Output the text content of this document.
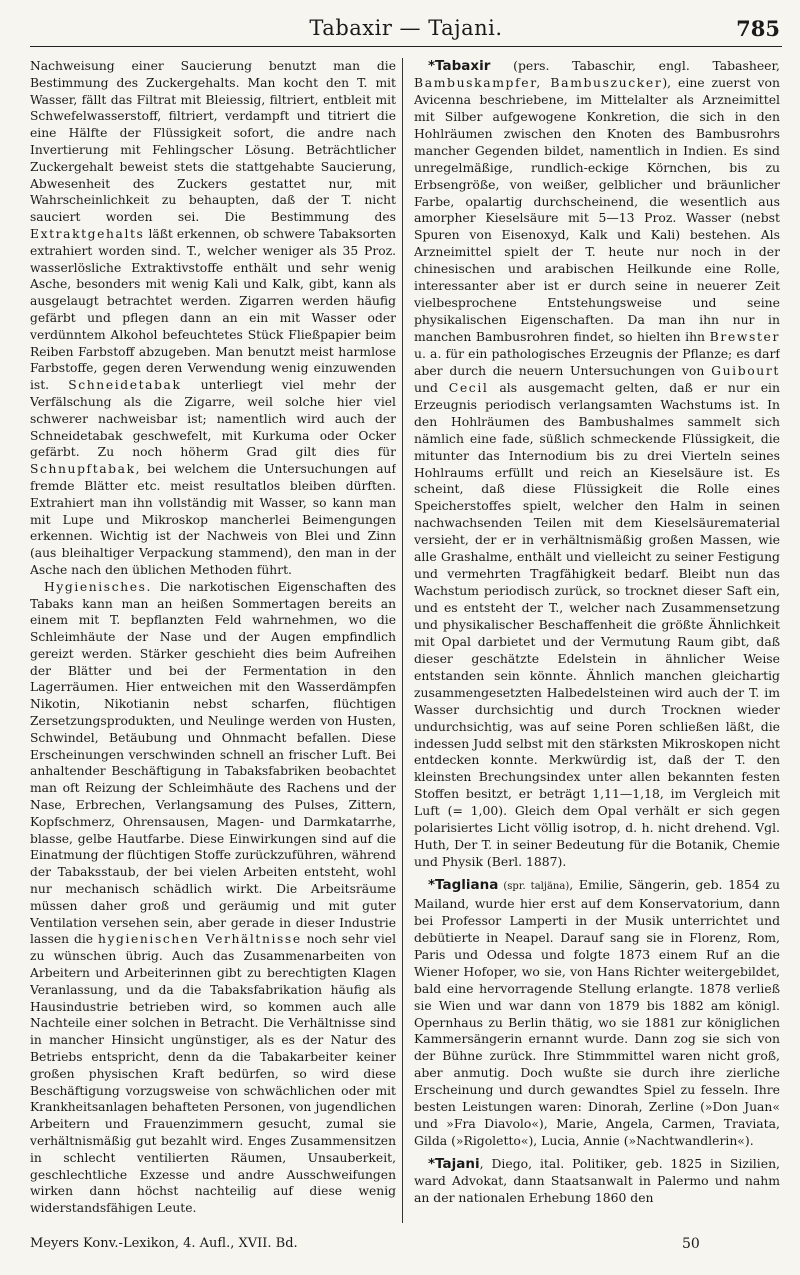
Tabaxir — Tajani.	785

Nachweisung einer Saucierung benutzt man die Bestimmung des Zuckergehalts. Man kocht den T. mit Wasser, fällt das Filtrat mit Bleiessig, filtriert, entbleit mit Schwefelwasserstoff, filtriert, verdampft und titriert die eine Hälfte der Flüssigkeit sofort, die andre nach Invertierung mit Fehlingscher Lösung. Beträchtlicher Zuckergehalt beweist stets die stattgehabte Saucierung, Abwesenheit des Zuckers gestattet nur, mit Wahrscheinlichkeit zu behaupten, daß der T. nicht sauciert worden sei. Die Bestimmung des Extraktgehalts läßt erkennen, ob schwere Tabaksorten extrahiert worden sind. T., welcher weniger als 35 Proz. wasserlösliche Extraktivstoffe enthält und sehr wenig Asche, besonders mit wenig Kali und Kalk, gibt, kann als ausgelaugt betrachtet werden. Zigarren werden häufig gefärbt und pflegen dann an ein mit Wasser oder verdünntem Alkohol befeuchtetes Stück Fließpapier beim Reiben Farbstoff abzugeben. Man benutzt meist harmlose Farbstoffe, gegen deren Verwendung wenig einzuwenden ist. Schneidetabak unterliegt viel mehr der Verfälschung als die Zigarre, weil solche hier viel schwerer nachweisbar ist; namentlich wird auch der Schneidetabak geschwefelt, mit Kurkuma oder Ocker gefärbt. Zu noch höherm Grad gilt dies für Schnupftabak, bei welchem die Untersuchungen auf fremde Blätter etc. meist resultatlos bleiben dürften. Extrahiert man ihn vollständig mit Wasser, so kann man mit Lupe und Mikroskop mancherlei Beimengungen erkennen. Wichtig ist der Nachweis von Blei und Zinn (aus bleihaltiger Verpackung stammend), den man in der Asche nach den üblichen Methoden führt.

Hygienisches. Die narkotischen Eigenschaften des Tabaks kann man an heißen Sommertagen bereits an einem mit T. bepflanzten Feld wahrnehmen, wo die Schleimhäute der Nase und der Augen empfindlich gereizt werden. Stärker geschieht dies beim Aufreihen der Blätter und bei der Fermentation in den Lagerräumen. Hier entweichen mit den Wasserdämpfen Nikotin, Nikotianin nebst scharfen, flüchtigen Zersetzungsprodukten, und Neulinge werden von Husten, Schwindel, Betäubung und Ohnmacht befallen. Diese Erscheinungen verschwinden schnell an frischer Luft. Bei anhaltender Beschäftigung in Tabaksfabriken beobachtet man oft Reizung der Schleimhäute des Rachens und der Nase, Erbrechen, Verlangsamung des Pulses, Zittern, Kopfschmerz, Ohrensausen, Magen- und Darmkatarrhe, blasse, gelbe Hautfarbe. Diese Einwirkungen sind auf die Einatmung der flüchtigen Stoffe zurückzuführen, während der Tabaksstaub, der bei vielen Arbeiten entsteht, wohl nur mechanisch schädlich wirkt. Die Arbeitsräume müssen daher groß und geräumig und mit guter Ventilation versehen sein, aber gerade in dieser Industrie lassen die hygienischen Verhältnisse noch sehr viel zu wünschen übrig. Auch das Zusammenarbeiten von Arbeitern und Arbeiterinnen gibt zu berechtigten Klagen Veranlassung, und da die Tabaksfabrikation häufig als Hausindustrie betrieben wird, so kommen auch alle Nachteile einer solchen in Betracht. Die Verhältnisse sind in mancher Hinsicht ungünstiger, als es der Natur des Betriebs entspricht, denn da die Tabakarbeiter keiner großen physischen Kraft bedürfen, so wird diese Beschäftigung vorzugsweise von schwächlichen oder mit Krankheitsanlagen behafteten Personen, von jugendlichen Arbeitern und Frauenzimmern gesucht, zumal sie verhältnismäßig gut bezahlt wird. Enges Zusammensitzen in schlecht ventilierten Räumen, Unsauberkeit, geschlechtliche Exzesse und andre Ausschweifungen wirken dann höchst nachteilig auf diese wenig widerstandsfähigen Leute.

*Tabaxir (pers. Tabaschir, engl. Tabasheer, Bambuskampfer, Bambuszucker), eine zuerst von Avicenna beschriebene, im Mittelalter als Arzneimittel mit Silber aufgewogene Konkretion, die sich in den Hohlräumen zwischen den Knoten des Bambusrohrs mancher Gegenden bildet, namentlich in Indien. Es sind unregelmäßige, rundlich-eckige Körnchen, bis zu Erbsengröße, von weißer, gelblicher und bräunlicher Farbe, opalartig durchscheinend, die wesentlich aus amorpher Kieselsäure mit 5—13 Proz. Wasser (nebst Spuren von Eisenoxyd, Kalk und Kali) bestehen. Als Arzneimittel spielt der T. heute nur noch in der chinesischen und arabischen Heilkunde eine Rolle, interessanter aber ist er durch seine in neuerer Zeit vielbesprochene Entstehungsweise und seine physikalischen Eigenschaften. Da man ihn nur in manchen Bambusrohren findet, so hielten ihn Brewster u. a. für ein pathologisches Erzeugnis der Pflanze; es darf aber durch die neuern Untersuchungen von Guibourt und Cecil als ausgemacht gelten, daß er nur ein Erzeugnis periodisch verlangsamten Wachstums ist. In den Hohlräumen des Bambushalmes sammelt sich nämlich eine fade, süßlich schmeckende Flüssigkeit, die mitunter das Internodium bis zu drei Vierteln seines Hohlraums erfüllt und reich an Kieselsäure ist. Es scheint, daß diese Flüssigkeit die Rolle eines Speicherstoffes spielt, welcher den Halm in seinen nachwachsenden Teilen mit dem Kieselsäurematerial versieht, der er in verhältnismäßig großen Massen, wie alle Grashalme, enthält und vielleicht zu seiner Festigung und vermehrten Tragfähigkeit bedarf. Bleibt nun das Wachstum periodisch zurück, so trocknet dieser Saft ein, und es entsteht der T., welcher nach Zusammensetzung und physikalischer Beschaffenheit die größte Ähnlichkeit mit Opal darbietet und der Vermutung Raum gibt, daß dieser geschätzte Edelstein in ähnlicher Weise entstanden sein könnte. Ähnlich manchen gleichartig zusammengesetzten Halbedelsteinen wird auch der T. im Wasser durchsichtig und durch Trocknen wieder undurchsichtig, was auf seine Poren schließen läßt, die indessen Judd selbst mit den stärksten Mikroskopen nicht entdecken konnte. Merkwürdig ist, daß der T. den kleinsten Brechungsindex unter allen bekannten festen Stoffen besitzt, er beträgt 1,11—1,18, im Vergleich mit Luft (= 1,00). Gleich dem Opal verhält er sich gegen polarisiertes Licht völlig isotrop, d. h. nicht drehend. Vgl. Huth, Der T. in seiner Bedeutung für die Botanik, Chemie und Physik (Berl. 1887).

*Tagliana (spr. taljäna), Emilie, Sängerin, geb. 1854 zu Mailand, wurde hier erst auf dem Konservatorium, dann bei Professor Lamperti in der Musik unterrichtet und debütierte in Neapel. Darauf sang sie in Florenz, Rom, Paris und Odessa und folgte 1873 einem Ruf an die Wiener Hofoper, wo sie, von Hans Richter weitergebildet, bald eine hervorragende Stellung erlangte. 1878 verließ sie Wien und war dann von 1879 bis 1882 am königl. Opernhaus zu Berlin thätig, wo sie 1881 zur königlichen Kammersängerin ernannt wurde. Dann zog sie sich von der Bühne zurück. Ihre Stimmmittel waren nicht groß, aber anmutig. Doch wußte sie durch ihre zierliche Erscheinung und durch gewandtes Spiel zu fesseln. Ihre besten Leistungen waren: Dinorah, Zerline (»Don Juan« und »Fra Diavolo«), Marie, Angela, Carmen, Traviata, Gilda (»Rigoletto«), Lucia, Annie (»Nachtwandlerin«).

*Tajani, Diego, ital. Politiker, geb. 1825 in Sizilien, ward Advokat, dann Staatsanwalt in Palermo und nahm an der nationalen Erhebung 1860 den

Meyers Konv.-Lexikon, 4. Aufl., XVII. Bd.	50
